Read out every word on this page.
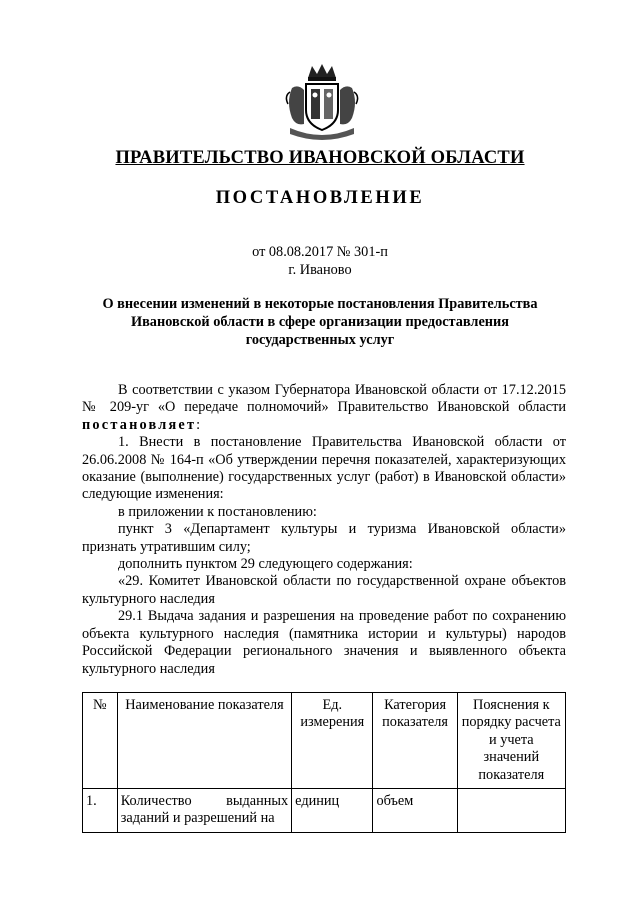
ПРАВИТЕЛЬСТВО ИВАНОВСКОЙ ОБЛАСТИ
ПОСТАНОВЛЕНИЕ
от 08.08.2017 № 301-п
г. Иваново
О внесении изменений в некоторые постановления Правительства
Ивановской области в сфере организации предоставления
государственных услуг

В соответствии с указом Губернатора Ивановской области от 17.12.2015 № 209-уг «О передаче полномочий» Правительство Ивановской области постановляет:

1. Внести в постановление Правительства Ивановской области от 26.06.2008 № 164-п «Об утверждении перечня показателей, характеризующих оказание (выполнение) государственных услуг (работ) в Ивановской области» следующие изменения:

в приложении к постановлению:

пункт 3 «Департамент культуры и туризма Ивановской области» признать утратившим силу;

дополнить пунктом 29 следующего содержания:

«29. Комитет Ивановской области по государственной охране объектов культурного наследия

29.1 Выдача задания и разрешения на проведение работ по сохранению объекта культурного наследия (памятника истории и культуры) народов Российской Федерации регионального значения и выявленного объекта культурного наследия

№	Наименование показателя	Ед. измерения	Категория показателя	Пояснения к порядку расчета и учета значений показателя
1.	Количество выданных заданий и разрешений на	единиц	объем	
